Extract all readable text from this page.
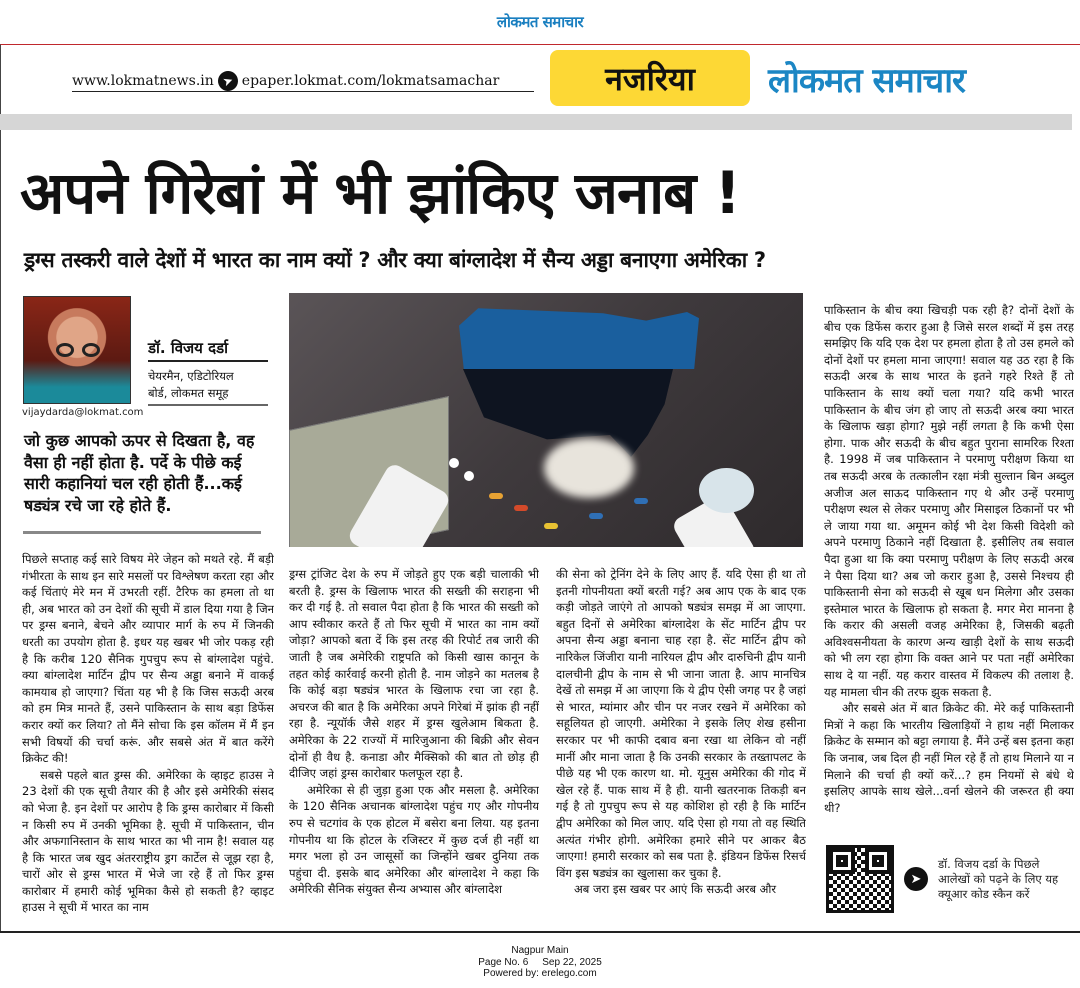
लोकमत समाचार
www.lokmatnews.in ➤ epaper.lokmat.com/lokmatsamachar	नजरिया	लोकमत समाचार
अपने गिरेबां में भी झांकिए जनाब !
ड्रग्स तस्करी वाले देशों में भारत का नाम क्यों ? और क्या बांग्लादेश में सैन्य अड्डा बनाएगा अमेरिका ?
डॉ. विजय दर्डा
चेयरमैन, एडिटोरियल
बोर्ड, लोकमत समूह
vijaydarda@lokmat.com
जो कुछ आपको ऊपर से दिखता है, वह वैसा ही नहीं होता है. पर्दे के पीछे कई सारी कहानियां चल रही होती हैं...कई षड्यंत्र रचे जा रहे होते हैं.

पिछले सप्ताह कई सारे विषय मेरे जेहन को मथते रहे. मैं बड़ी गंभीरता के साथ इन सारे मसलों पर विश्लेषण करता रहा और कई चिंताएं मेरे मन में उभरती रहीं. टैरिफ का हमला तो था ही, अब भारत को उन देशों की सूची में डाल दिया गया है जिन पर ड्रग्स बनाने, बेचने और व्यापार मार्ग के रुप में जिनकी धरती का उपयोग होता है. इधर यह खबर भी जोर पकड़ रही है कि करीब 120 सैनिक गुपचुप रूप से बांग्लादेश पहुंचे. क्या बांग्लादेश मार्टिन द्वीप पर सैन्य अड्डा बनाने में वाकई कामयाब हो जाएगा? चिंता यह भी है कि जिस सऊदी अरब को हम मित्र मानते हैं, उसने पाकिस्तान के साथ बड़ा डिफेंस करार क्यों कर लिया? तो मैंने सोचा कि इस कॉलम में मैं इन सभी विषयों की चर्चा करूं. और सबसे अंत में बात करेंगे क्रिकेट की!

सबसे पहले बात ड्रग्स की. अमेरिका के व्हाइट हाउस ने 23 देशों की एक सूची तैयार की है और इसे अमेरिकी संसद को भेजा है. इन देशों पर आरोप है कि ड्रग्स कारोबार में किसी न किसी रुप में उनकी भूमिका है. सूची में पाकिस्तान, चीन और अफगानिस्तान के साथ भारत का भी नाम है! सवाल यह है कि भारत जब खुद अंतरराष्ट्रीय ड्रग कार्टेल से जूझ रहा है, चारों ओर से ड्रग्स भारत में भेजे जा रहे हैं तो फिर ड्रग्स कारोबार में हमारी कोई भूमिका कैसे हो सकती है? व्हाइट हाउस ने सूची में भारत का नाम

ड्रग्स ट्रांजिट देश के रुप में जोड़ते हुए एक बड़ी चालाकी भी बरती है. ड्रग्स के खिलाफ भारत की सख्ती की सराहना भी कर दी गई है. तो सवाल पैदा होता है कि भारत की सख्ती को आप स्वीकार करते हैं तो फिर सूची में भारत का नाम क्यों जोड़ा? आपको बता दें कि इस तरह की रिपोर्ट तब जारी की जाती है जब अमेरिकी राष्ट्रपति को किसी खास कानून के तहत कोई कार्रवाई करनी होती है. नाम जोड़ने का मतलब है कि कोई बड़ा षड्यंत्र भारत के खिलाफ रचा जा रहा है. अचरज की बात है कि अमेरिका अपने गिरेबां में झांक ही नहीं रहा है. न्यूयॉर्क जैसे शहर में ड्रग्स खुलेआम बिकता है. अमेरिका के 22 राज्यों में मारिजुआना की बिक्री और सेवन दोनों ही वैध है. कनाडा और मैक्सिको की बात तो छोड़ ही दीजिए जहां ड्रग्स कारोबार फलफूल रहा है.

अमेरिका से ही जुड़ा हुआ एक और मसला है. अमेरिका के 120 सैनिक अचानक बांग्लादेश पहुंच गए और गोपनीय रुप से चटगांव के एक होटल में बसेरा बना लिया. यह इतना गोपनीय था कि होटल के रजिस्टर में कुछ दर्ज ही नहीं था मगर भला हो उन जासूसों का जिन्होंने खबर दुनिया तक पहुंचा दी. इसके बाद अमेरिका और बांग्लादेश ने कहा कि अमेरिकी सैनिक संयुक्त सैन्य अभ्यास और बांग्लादेश

की सेना को ट्रेनिंग देने के लिए आए हैं. यदि ऐसा ही था तो इतनी गोपनीयता क्यों बरती गई? अब आप एक के बाद एक कड़ी जोड़ते जाएंगे तो आपको षड्यंत्र समझ में आ जाएगा. बहुत दिनों से अमेरिका बांग्लादेश के सेंट मार्टिन द्वीप पर अपना सैन्य अड्डा बनाना चाह रहा है. सेंट मार्टिन द्वीप को नारिकेल जिंजीरा यानी नारियल द्वीप और दारुचिनी द्वीप यानी दालचीनी द्वीप के नाम से भी जाना जाता है. आप मानचित्र देखें तो समझ में आ जाएगा कि ये द्वीप ऐसी जगह पर है जहां से भारत, म्यांमार और चीन पर नजर रखने में अमेरिका को सहूलियत हो जाएगी. अमेरिका ने इसके लिए शेख हसीना सरकार पर भी काफी दबाव बना रखा था लेकिन वो नहीं मानीं और माना जाता है कि उनकी सरकार के तख्तापलट के पीछे यह भी एक कारण था. मो. यूनुस अमेरिका की गोद में खेल रहे हैं. पाक साथ में है ही. यानी खतरनाक तिकड़ी बन गई है तो गुपचुप रूप से यह कोशिश हो रही है कि मार्टिन द्वीप अमेरिका को मिल जाए. यदि ऐसा हो गया तो वह स्थिति अत्यंत गंभीर होगी. अमेरिका हमारे सीने पर आकर बैठ जाएगा! हमारी सरकार को सब पता है. इंडियन डिफेंस रिसर्च विंग इस षड्यंत्र का खुलासा कर चुका है.

अब जरा इस खबर पर आएं कि सऊदी अरब और

पाकिस्तान के बीच क्या खिचड़ी पक रही है? दोनों देशों के बीच एक डिफेंस करार हुआ है जिसे सरल शब्दों में इस तरह समझिए कि यदि एक देश पर हमला होता है तो उस हमले को दोनों देशों पर हमला माना जाएगा! सवाल यह उठ रहा है कि सऊदी अरब के साथ भारत के इतने गहरे रिश्ते हैं तो पाकिस्तान के साथ क्यों चला गया? यदि कभी भारत पाकिस्तान के बीच जंग हो जाए तो सऊदी अरब क्या भारत के खिलाफ खड़ा होगा? मुझे नहीं लगता है कि कभी ऐसा होगा. पाक और सऊदी के बीच बहुत पुराना सामरिक रिश्ता है. 1998 में जब पाकिस्तान ने परमाणु परीक्षण किया था तब सऊदी अरब के तत्कालीन रक्षा मंत्री सुल्तान बिन अब्दुल अजीज अल साऊद पाकिस्तान गए थे और उन्हें परमाणु परीक्षण स्थल से लेकर परमाणु और मिसाइल ठिकानों पर भी ले जाया गया था. अमूमन कोई भी देश किसी विदेशी को अपने परमाणु ठिकाने नहीं दिखाता है. इसीलिए तब सवाल पैदा हुआ था कि क्या परमाणु परीक्षण के लिए सऊदी अरब ने पैसा दिया था? अब जो करार हुआ है, उससे निश्चय ही पाकिस्तानी सेना को सऊदी से खूब धन मिलेगा और उसका इस्तेमाल भारत के खिलाफ हो सकता है. मगर मेरा मानना है कि करार की असली वजह अमेरिका है, जिसकी बढ़ती अविश्वसनीयता के कारण अन्य खाड़ी देशों के साथ सऊदी को भी लग रहा होगा कि वक्त आने पर पता नहीं अमेरिका साथ दे या नहीं. यह करार वास्तव में विकल्प की तलाश है. यह मामला चीन की तरफ झुक सकता है.

और सबसे अंत में बात क्रिकेट की. मेरे कई पाकिस्तानी मित्रों ने कहा कि भारतीय खिलाड़ियों ने हाथ नहीं मिलाकर क्रिकेट के सम्मान को बट्टा लगाया है. मैंने उन्हें बस इतना कहा कि जनाब, जब दिल ही नहीं मिल रहे हैं तो हाथ मिलाने या न मिलाने की चर्चा ही क्यों करें...? हम नियमों से बंधे थे इसलिए आपके साथ खेले...वर्ना खेलने की जरूरत ही क्या थी?

➤
डॉ. विजय दर्डा के पिछले आलेखों को पढ़ने के लिए यह क्यूआर कोड स्कैन करें
Nagpur Main
Page No. 6 Sep 22, 2025
Powered by: erelego.com
